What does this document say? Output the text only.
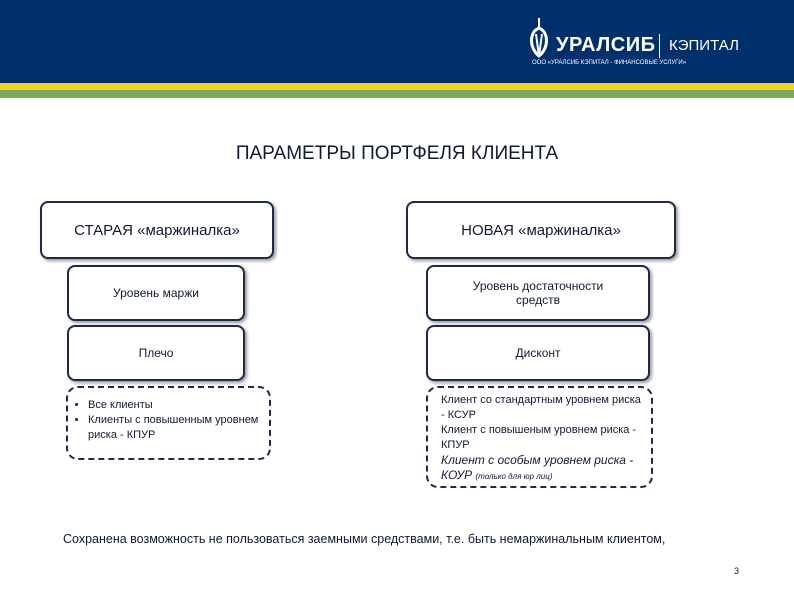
УРАЛСИБ КЭПИТАЛ
ООО «УРАЛСИБ КЭПИТАЛ - ФИНАНСОВЫЕ УСЛУГИ»
ПАРАМЕТРЫ ПОРТФЕЛЯ КЛИЕНТА
СТАРАЯ «маржиналка»
Уровень маржи
Плечо
• Все клиенты
• Клиенты с повышенным уровнем риска - КПУР
НОВАЯ «маржиналка»
Уровень достаточности средств
Дисконт
Клиент со стандартным уровнем риска - КСУР
Клиент с повышеным уровнем риска - КПУР
Клиент с особым уровнем риска - КОУР (только для юр лиц)
Сохранена возможность не пользоваться заемными средствами, т.е. быть немаржинальным клиентом,
3
